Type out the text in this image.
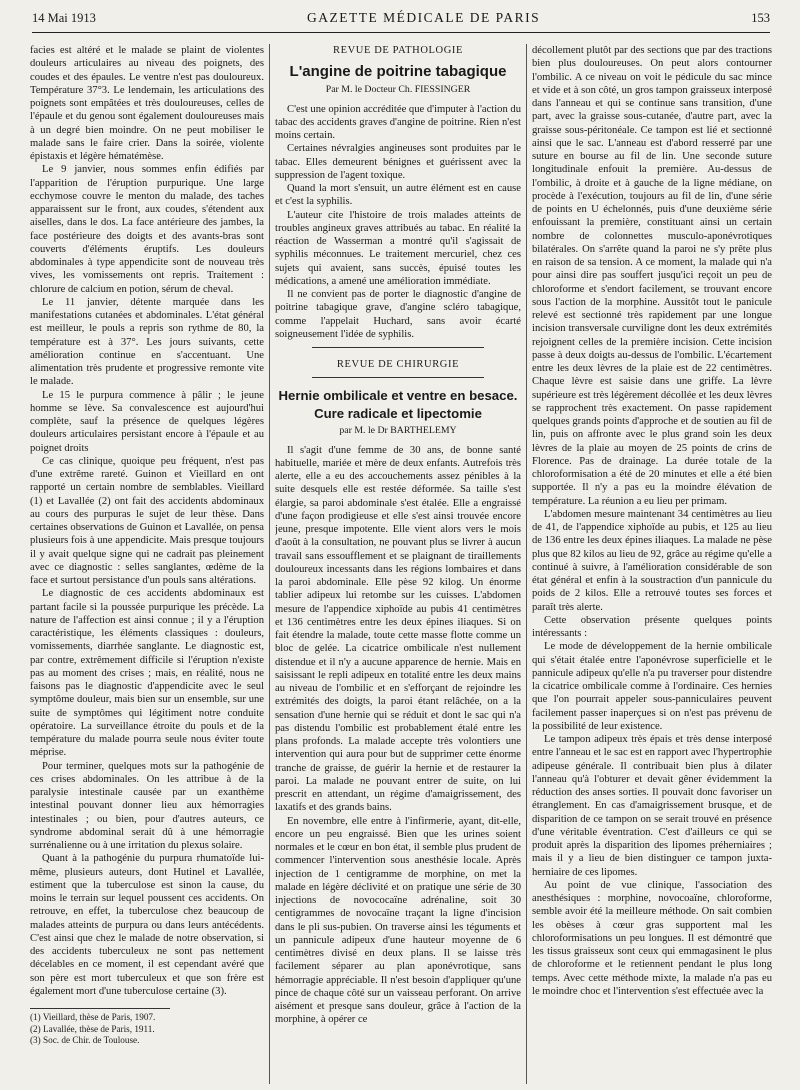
14 Mai 1913	GAZETTE MÉDICALE DE PARIS	153

facies est altéré et le malade se plaint de violentes douleurs articulaires au niveau des poignets, des coudes et des épaules. Le ventre n'est pas douloureux. Température 37°3. Le lendemain, les articulations des poignets sont empâtées et très douloureuses, celles de l'épaule et du genou sont également douloureuses mais à un degré bien moindre. On ne peut mobiliser le malade sans le faire crier. Dans la soirée, violente épistaxis et légère hématémèse.

Le 9 janvier, nous sommes enfin édifiés par l'apparition de l'éruption purpurique. Une large ecchymose couvre le menton du malade, des taches apparaissent sur le front, aux coudes, s'étendent aux aiselles, dans le dos. La face antérieure des jambes, la face postérieure des doigts et des avants-bras sont couverts d'éléments éruptifs. Les douleurs abdominales à type appendicite sont de nouveau très vives, les vomissements ont repris. Traitement : chlorure de calcium en potion, sérum de cheval.

Le 11 janvier, détente marquée dans les manifestations cutanées et abdominales. L'état général est meilleur, le pouls a repris son rythme de 80, la température est à 37°. Les jours suivants, cette amélioration continue en s'accentuant. Une alimentation très prudente et progressive remonte vite le malade.

Le 15 le purpura commence à pâlir ; le jeune homme se lève. Sa convalescence est aujourd'hui complète, sauf la présence de quelques légères douleurs articulaires persistant encore à l'épaule et au poignet droits

Ce cas clinique, quoique peu fréquent, n'est pas d'une extrême rareté. Guinon et Vieillard en ont rapporté un certain nombre de semblables. Vieillard (1) et Lavallée (2) ont fait des accidents abdominaux au cours des purpuras le sujet de leur thèse. Dans certaines observations de Guinon et Lavallée, on pensa plusieurs fois à une appendicite. Mais presque toujours il y avait quelque signe qui ne cadrait pas pleinement avec ce diagnostic : selles sanglantes, œdème de la face et surtout persistance d'un pouls sans altérations.

Le diagnostic de ces accidents abdominaux est partant facile si la poussée purpurique les précède. La nature de l'affection est ainsi connue ; il y a l'éruption caractéristique, les éléments classiques : douleurs, vomissements, diarrhée sanglante. Le diagnostic est, par contre, extrêmement difficile si l'éruption n'existe pas au moment des crises ; mais, en réalité, nous ne faisons pas le diagnostic d'appendicite avec le seul symptôme douleur, mais bien sur un ensemble, sur une suite de symptômes qui légitiment notre conduite opératoire. La surveillance étroite du pouls et de la température du malade pourra seule nous éviter toute méprise.

Pour terminer, quelques mots sur la pathogénie de ces crises abdominales. On les attribue à de la paralysie intestinale causée par un exanthème intestinal pouvant donner lieu aux hémorragies intestinales ; ou bien, pour d'autres auteurs, ce syndrome abdominal serait dû à une hémorragie surrénalienne ou à une irritation du plexus solaire.

Quant à la pathogénie du purpura rhumatoïde lui-même, plusieurs auteurs, dont Hutinel et Lavallée, estiment que la tuberculose est sinon la cause, du moins le terrain sur lequel poussent ces accidents. On retrouve, en effet, la tuberculose chez beaucoup de malades atteints de purpura ou dans leurs antécédents. C'est ainsi que chez le malade de notre observation, si des accidents tuberculeux ne sont pas nettement décelables en ce moment, il est cependant avéré que son père est mort tuberculeux et que son frère est également mort d'une tuberculose certaine (3).

(1) Vieillard, thèse de Paris, 1907.
(2) Lavallée, thèse de Paris, 1911.
(3) Soc. de Chir. de Toulouse.
REVUE DE PATHOLOGIE
L'angine de poitrine tabagique
Par M. le Docteur Ch. FIESSINGER

C'est une opinion accréditée que d'imputer à l'action du tabac des accidents graves d'angine de poitrine. Rien n'est moins certain.

Certaines névralgies angineuses sont produites par le tabac. Elles demeurent bénignes et guérissent avec la suppression de l'agent toxique.

Quand la mort s'ensuit, un autre élément est en cause et c'est la syphilis.

L'auteur cite l'histoire de trois malades atteints de troubles angineux graves attribués au tabac. En réalité la réaction de Wasserman a montré qu'il s'agissait de syphilis méconnues. Le traitement mercuriel, chez ces sujets qui avaient, sans succès, épuisé toutes les médications, a amené une amélioration immédiate.

Il ne convient pas de porter le diagnostic d'angine de poitrine tabagique grave, d'angine scléro tabagique, comme l'appelait Huchard, sans avoir écarté soigneusement l'idée de syphilis.

REVUE DE CHIRURGIE
Hernie ombilicale et ventre en besace.
Cure radicale et lipectomie
par M. le Dr BARTHELEMY

Il s'agit d'une femme de 30 ans, de bonne santé habituelle, mariée et mère de deux enfants. Autrefois très alerte, elle a eu des accouchements assez pénibles à la suite desquels elle est restée déformée. Sa taille s'est élargie, sa paroi abdominale s'est étalée. Elle a engraissé d'une façon prodigieuse et elle s'est ainsi trouvée encore jeune, presque impotente. Elle vient alors vers le mois d'août à la consultation, ne pouvant plus se livrer à aucun travail sans essoufflement et se plaignant de tiraillements douloureux incessants dans les régions lombaires et dans la paroi abdominale. Elle pèse 92 kilog. Un énorme tablier adipeux lui retombe sur les cuisses. L'abdomen mesure de l'appendice xiphoïde au pubis 41 centimètres et 136 centimètres entre les deux épines iliaques. Si on fait étendre la malade, toute cette masse flotte comme un bloc de gelée. La cicatrice ombilicale n'est nullement distendue et il n'y a aucune apparence de hernie. Mais en saisissant le repli adipeux en totalité entre les deux mains au niveau de l'ombilic et en s'efforçant de rejoindre les extrémités des doigts, la paroi étant relâchée, on a la sensation d'une hernie qui se réduit et dont le sac qui n'a pas distendu l'ombilic est probablement étalé entre les plans profonds. La malade accepte très volontiers une intervention qui aura pour but de supprimer cette énorme tranche de graisse, de guérir la hernie et de restaurer la paroi. La malade ne pouvant entrer de suite, on lui prescrit en attendant, un régime d'amaigrissement, des laxatifs et des grands bains.

En novembre, elle entre à l'infirmerie, ayant, dit-elle, encore un peu engraissé. Bien que les urines soient normales et le cœur en bon état, il semble plus prudent de commencer l'intervention sous anesthésie locale. Après injection de 1 centigramme de morphine, on met la malade en légère déclivité et on pratique une série de 30 injections de novococaïne adrénaline, soit 30 centigrammes de novocaïne traçant la ligne d'incision dans le pli sus-pubien. On traverse ainsi les téguments et un pannicule adipeux d'une hauteur moyenne de 6 centimètres divisé en deux plans. Il se laisse très facilement séparer au plan aponévrotique, sans hémorragie appréciable. Il n'est besoin d'appliquer qu'une pince de chaque côté sur un vaisseau perforant. On arrive aisément et presque sans douleur, grâce à l'action de la morphine, à opérer ce

décollement plutôt par des sections que par des tractions bien plus douloureuses. On peut alors contourner l'ombilic. A ce niveau on voit le pédicule du sac mince et vide et à son côté, un gros tampon graisseux interposé dans l'anneau et qui se continue sans transition, d'une part, avec la graisse sous-cutanée, d'autre part, avec la graisse sous-péritonéale. Ce tampon est lié et sectionné ainsi que le sac. L'anneau est d'abord resserré par une suture en bourse au fil de lin. Une seconde suture longitudinale enfouit la première. Au-dessus de l'ombilic, à droite et à gauche de la ligne médiane, on procède à l'exécution, toujours au fil de lin, d'une série de points en U échelonnés, puis d'une deuxième série enfouissant la première, constituant ainsi un certain nombre de colonnettes musculo-aponévrotiques bilatérales. On s'arrête quand la paroi ne s'y prête plus en raison de sa tension. A ce moment, la malade qui n'a pour ainsi dire pas souffert jusqu'ici reçoit un peu de chloroforme et s'endort facilement, se trouvant encore sous l'action de la morphine. Aussitôt tout le panicule relevé est sectionné très rapidement par une longue incision transversale curviligne dont les deux extrémités rejoignent celles de la première incision. Cette incision passe à deux doigts au-dessus de l'ombilic. L'écartement entre les deux lèvres de la plaie est de 22 centimètres. Chaque lèvre est saisie dans une griffe. La lèvre supérieure est très légèrement décollée et les deux lèvres se rapprochent très exactement. On passe rapidement quelques grands points d'approche et de soutien au fil de lin, puis on affronte avec le plus grand soin les deux lèvres de la plaie au moyen de 25 points de crins de Florence. Pas de drainage. La durée totale de la chloroformisation a été de 20 minutes et elle a été bien supportée. Il n'y a pas eu la moindre élévation de température. La réunion a eu lieu per primam.

L'abdomen mesure maintenant 34 centimètres au lieu de 41, de l'appendice xiphoïde au pubis, et 125 au lieu de 136 entre les deux épines iliaques. La malade ne pèse plus que 82 kilos au lieu de 92, grâce au régime qu'elle a continué à suivre, à l'amélioration considérable de son état général et enfin à la soustraction d'un pannicule du poids de 2 kilos. Elle a retrouvé toutes ses forces et paraît très alerte.

Cette observation présente quelques points intéressants :

Le mode de développement de la hernie ombilicale qui s'était étalée entre l'aponévrose superficielle et le pannicule adipeux qu'elle n'a pu traverser pour distendre la cicatrice ombilicale comme à l'ordinaire. Ces hernies que l'on pourrait appeler sous-panniculaires peuvent facilement passer inaperçues si on n'est pas prévenu de la possibilité de leur existence.

Le tampon adipeux très épais et très dense interposé entre l'anneau et le sac est en rapport avec l'hypertrophie adipeuse générale. Il contribuait bien plus à dilater l'anneau qu'à l'obturer et devait gêner évidemment la réduction des anses sorties. Il pouvait donc favoriser un étranglement. En cas d'amaigrissement brusque, et de disparition de ce tampon on se serait trouvé en présence d'une véritable éventration. C'est d'ailleurs ce qui se produit après la disparition des lipomes préherniaires ; mais il y a lieu de bien distinguer ce tampon juxta-herniaire de ces lipomes.

Au point de vue clinique, l'association des anesthésiques : morphine, novocoaïne, chloroforme, semble avoir été la meilleure méthode. On sait combien les obèses à cœur gras supportent mal les chloroformisations un peu longues. Il est démontré que les tissus graisseux sont ceux qui emmagasinent le plus de chloroforme et le retiennent pendant le plus long temps. Avec cette méthode mixte, la malade n'a pas eu le moindre choc et l'intervention s'est effectuée avec la
